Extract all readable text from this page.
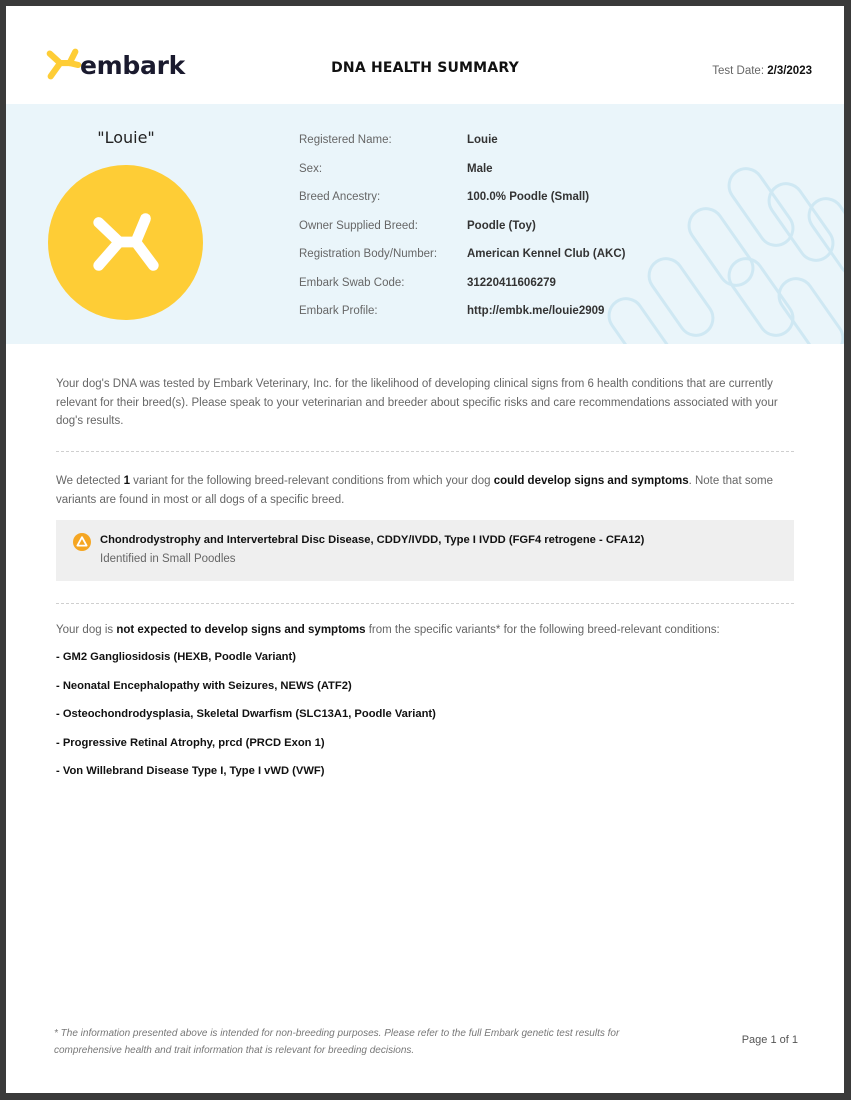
embark	DNA HEALTH SUMMARY	Test Date: 2/3/2023
"Louie"	Registered Name:	Louie
Sex:	Male
Breed Ancestry:	100.0% Poodle (Small)
Owner Supplied Breed:	Poodle (Toy)
Registration Body/Number:	American Kennel Club (AKC)
Embark Swab Code:	31220411606279
Embark Profile:	http://embk.me/louie2909

Your dog's DNA was tested by Embark Veterinary, Inc. for the likelihood of developing clinical signs from 6 health conditions that are currently relevant for their breed(s). Please speak to your veterinarian and breeder about specific risks and care recommendations associated with your dog's results.

We detected 1 variant for the following breed-relevant conditions from which your dog could develop signs and symptoms. Note that some variants are found in most or all dogs of a specific breed.

Chondrodystrophy and Intervertebral Disc Disease, CDDY/IVDD, Type I IVDD (FGF4 retrogene - CFA12)
Identified in Small Poodles

Your dog is not expected to develop signs and symptoms from the specific variants* for the following breed-relevant conditions:

- GM2 Gangliosidosis (HEXB, Poodle Variant)
- Neonatal Encephalopathy with Seizures, NEWS (ATF2)
- Osteochondrodysplasia, Skeletal Dwarfism (SLC13A1, Poodle Variant)
- Progressive Retinal Atrophy, prcd (PRCD Exon 1)
- Von Willebrand Disease Type I, Type I vWD (VWF)

* The information presented above is intended for non-breeding purposes. Please refer to the full Embark genetic test results for comprehensive health and trait information that is relevant for breeding decisions.

Page 1 of 1
